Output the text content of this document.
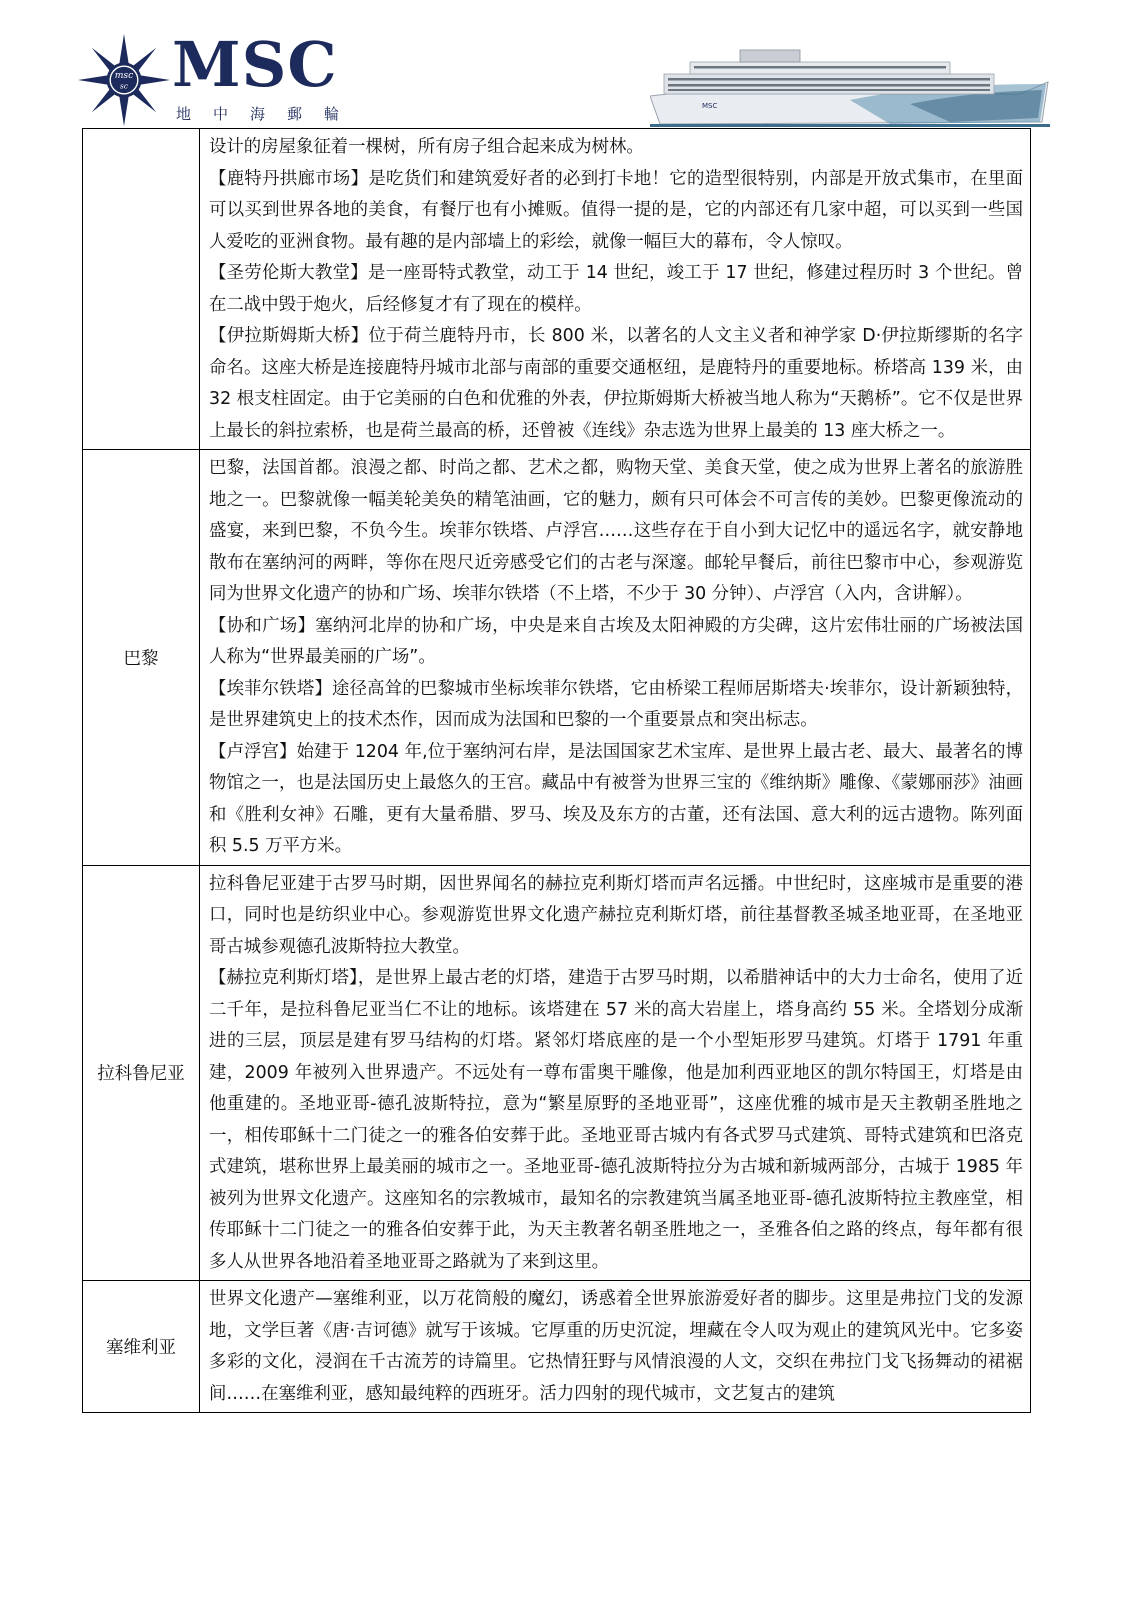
msc
sc MSC
地中海郵輪	MSC

设计的房屋象征着一棵树，所有房子组合起来成为树林。

【鹿特丹拱廊市场】是吃货们和建筑爱好者的必到打卡地！它的造型很特别，内部是开放式集市，在里面可以买到世界各地的美食，有餐厅也有小摊贩。值得一提的是，它的内部还有几家中超，可以买到一些国人爱吃的亚洲食物。最有趣的是内部墙上的彩绘，就像一幅巨大的幕布，令人惊叹。

【圣劳伦斯大教堂】是一座哥特式教堂，动工于 14 世纪，竣工于 17 世纪，修建过程历时 3 个世纪。曾在二战中毁于炮火，后经修复才有了现在的模样。

【伊拉斯姆斯大桥】位于荷兰鹿特丹市，长 800 米，以著名的人文主义者和神学家 D·伊拉斯缪斯的名字命名。这座大桥是连接鹿特丹城市北部与南部的重要交通枢纽，是鹿特丹的重要地标。桥塔高 139 米，由 32 根支柱固定。由于它美丽的白色和优雅的外表，伊拉斯姆斯大桥被当地人称为“天鹅桥”。它不仅是世界上最长的斜拉索桥，也是荷兰最高的桥，还曾被《连线》杂志选为世界上最美的 13 座大桥之一。

巴黎

巴黎，法国首都。浪漫之都、时尚之都、艺术之都，购物天堂、美食天堂，使之成为世界上著名的旅游胜地之一。巴黎就像一幅美轮美奂的精笔油画，它的魅力，颇有只可体会不可言传的美妙。巴黎更像流动的盛宴，来到巴黎，不负今生。埃菲尔铁塔、卢浮宫……这些存在于自小到大记忆中的遥远名字，就安静地散布在塞纳河的两畔，等你在咫尺近旁感受它们的古老与深邃。邮轮早餐后，前往巴黎市中心，参观游览同为世界文化遗产的协和广场、埃菲尔铁塔（不上塔，不少于 30 分钟）、卢浮宫（入内，含讲解）。

【协和广场】塞纳河北岸的协和广场，中央是来自古埃及太阳神殿的方尖碑，这片宏伟壮丽的广场被法国人称为“世界最美丽的广场”。

【埃菲尔铁塔】途径高耸的巴黎城市坐标埃菲尔铁塔，它由桥梁工程师居斯塔夫·埃菲尔，设计新颖独特，是世界建筑史上的技术杰作，因而成为法国和巴黎的一个重要景点和突出标志。

【卢浮宫】始建于 1204 年,位于塞纳河右岸，是法国国家艺术宝库、是世界上最古老、最大、最著名的博物馆之一，也是法国历史上最悠久的王宫。藏品中有被誉为世界三宝的《维纳斯》雕像、《蒙娜丽莎》油画和《胜利女神》石雕，更有大量希腊、罗马、埃及及东方的古董，还有法国、意大利的远古遗物。陈列面积 5.5 万平方米。

拉科鲁尼亚

拉科鲁尼亚建于古罗马时期，因世界闻名的赫拉克利斯灯塔而声名远播。中世纪时，这座城市是重要的港口，同时也是纺织业中心。参观游览世界文化遗产赫拉克利斯灯塔，前往基督教圣城圣地亚哥，在圣地亚哥古城参观德孔波斯特拉大教堂。

【赫拉克利斯灯塔】，是世界上最古老的灯塔，建造于古罗马时期，以希腊神话中的大力士命名，使用了近二千年，是拉科鲁尼亚当仁不让的地标。该塔建在 57 米的高大岩崖上，塔身高约 55 米。全塔划分成渐进的三层，顶层是建有罗马结构的灯塔。紧邻灯塔底座的是一个小型矩形罗马建筑。灯塔于 1791 年重建，2009 年被列入世界遗产。不远处有一尊布雷奥干雕像，他是加利西亚地区的凯尔特国王，灯塔是由他重建的。圣地亚哥-德孔波斯特拉，意为“繁星原野的圣地亚哥”，这座优雅的城市是天主教朝圣胜地之一，相传耶稣十二门徒之一的雅各伯安葬于此。圣地亚哥古城内有各式罗马式建筑、哥特式建筑和巴洛克式建筑，堪称世界上最美丽的城市之一。圣地亚哥-德孔波斯特拉分为古城和新城两部分，古城于 1985 年被列为世界文化遗产。这座知名的宗教城市，最知名的宗教建筑当属圣地亚哥-德孔波斯特拉主教座堂，相传耶稣十二门徒之一的雅各伯安葬于此，为天主教著名朝圣胜地之一，圣雅各伯之路的终点，每年都有很多人从世界各地沿着圣地亚哥之路就为了来到这里。

塞维利亚

世界文化遗产—塞维利亚，以万花筒般的魔幻，诱惑着全世界旅游爱好者的脚步。这里是弗拉门戈的发源地，文学巨著《唐·吉诃德》就写于该城。它厚重的历史沉淀，埋藏在令人叹为观止的建筑风光中。它多姿多彩的文化，浸润在千古流芳的诗篇里。它热情狂野与风情浪漫的人文，交织在弗拉门戈飞扬舞动的裙裾间……在塞维利亚，感知最纯粹的西班牙。活力四射的现代城市，文艺复古的建筑
